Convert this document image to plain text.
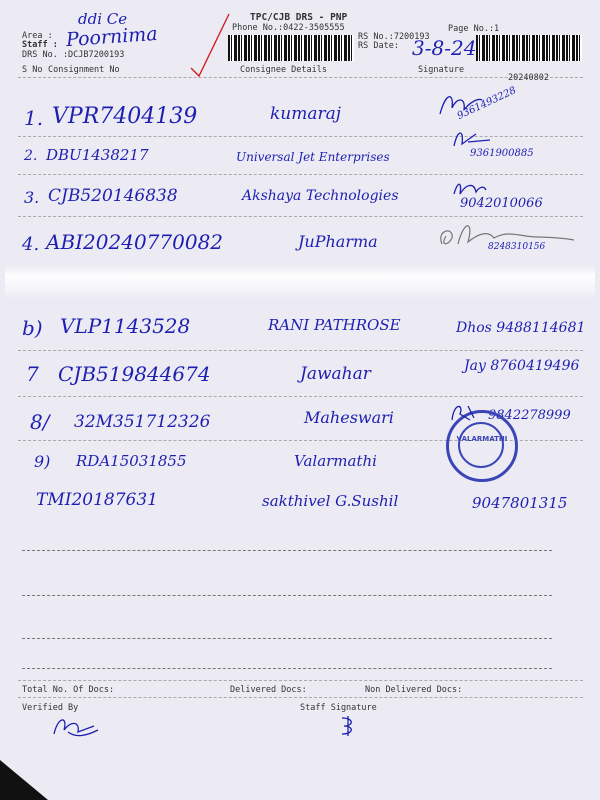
TPC/CJB DRS - PNP
Phone No.:0422-3505555	Page No.:1
Area :
Staff :
DRS No. :DCJB7200193
ddi Ce
Poornima	RS No.:7200193
RS Date: 3-8-24
S No Consignment No	Consignee Details	Signature
20240802
1. VPR7404139	kumaraj	9361493228
2. DBU1438217	Universal Jet Enterprises	9361900885
3. CJB520146838	Akshaya Technologies	9042010066
4. ABI20240770082	JuPharma	8248310156
b) VLP1143528	RANI PATHROSE	Dhos 9488114681
7 CJB519844674	Jawahar	Jay 8760419496
8/ 32M351712326	Maheswari	9842278999
9) RDA15031855	Valarmathi
VALARMATHI
TMI20187631	sakthivel G.Sushil	9047801315
Total No. Of Docs:	Delivered Docs:	Non Delivered Docs:
Verified By	Staff Signature
